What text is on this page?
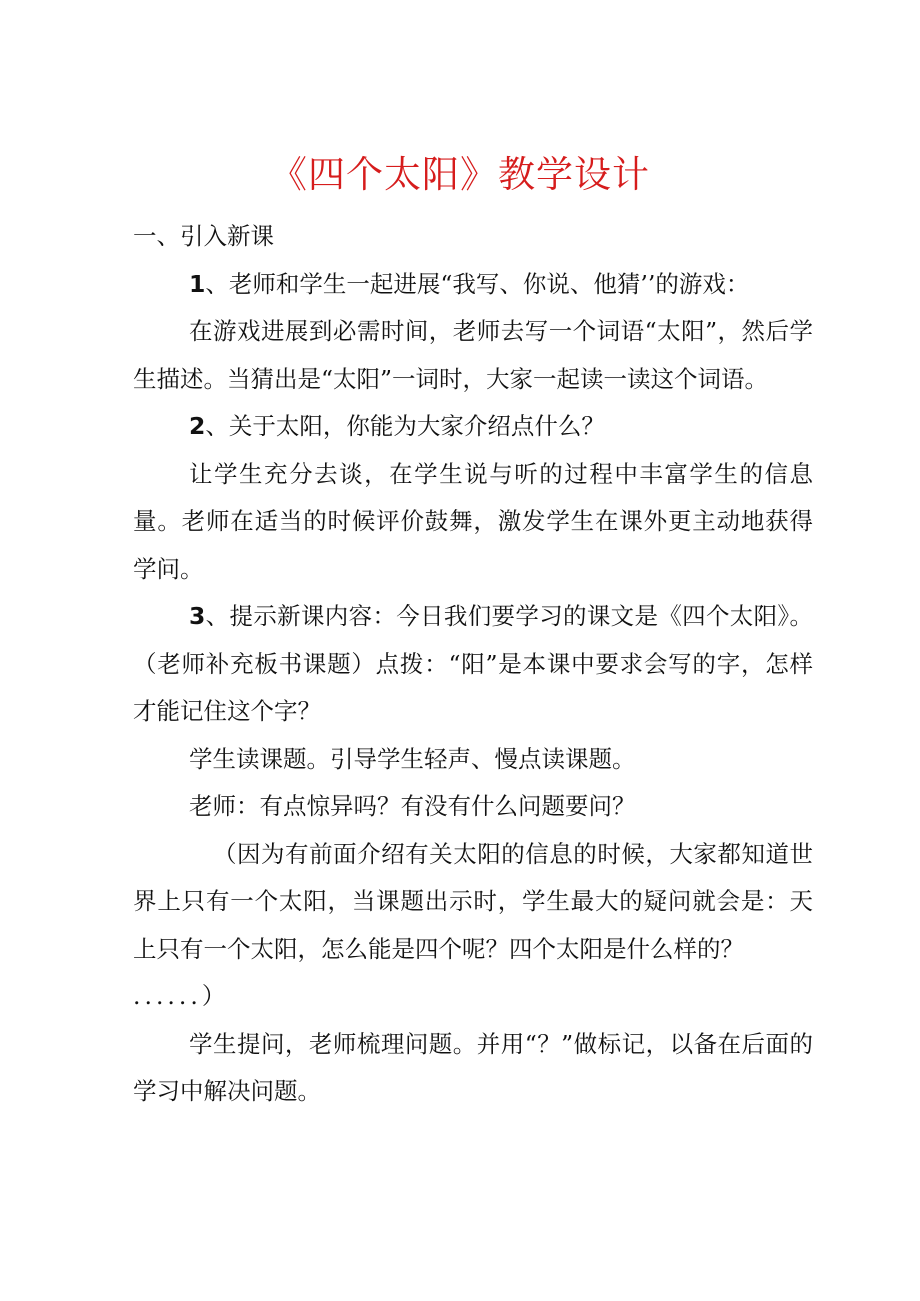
《四个太阳》教学设计

一、引入新课

1、老师和学生一起进展“我写、你说、他猜’’的游戏：

在游戏进展到必需时间，老师去写一个词语“太阳”，然后学生描述。当猜出是“太阳”一词时，大家一起读一读这个词语。

2、关于太阳，你能为大家介绍点什么？

让学生充分去谈，在学生说与听的过程中丰富学生的信息量。老师在适当的时候评价鼓舞，激发学生在课外更主动地获得学问。

3、提示新课内容：今日我们要学习的课文是《四个太阳》。（老师补充板书课题）点拨：“阳”是本课中要求会写的字，怎样才能记住这个字？

学生读课题。引导学生轻声、慢点读课题。

老师：有点惊异吗？有没有什么问题要问？

（因为有前面介绍有关太阳的信息的时候，大家都知道世界上只有一个太阳，当课题出示时，学生最大的疑问就会是：天上只有一个太阳，怎么能是四个呢？四个太阳是什么样的？
......）

学生提问，老师梳理问题。并用“？”做标记，以备在后面的学习中解决问题。
